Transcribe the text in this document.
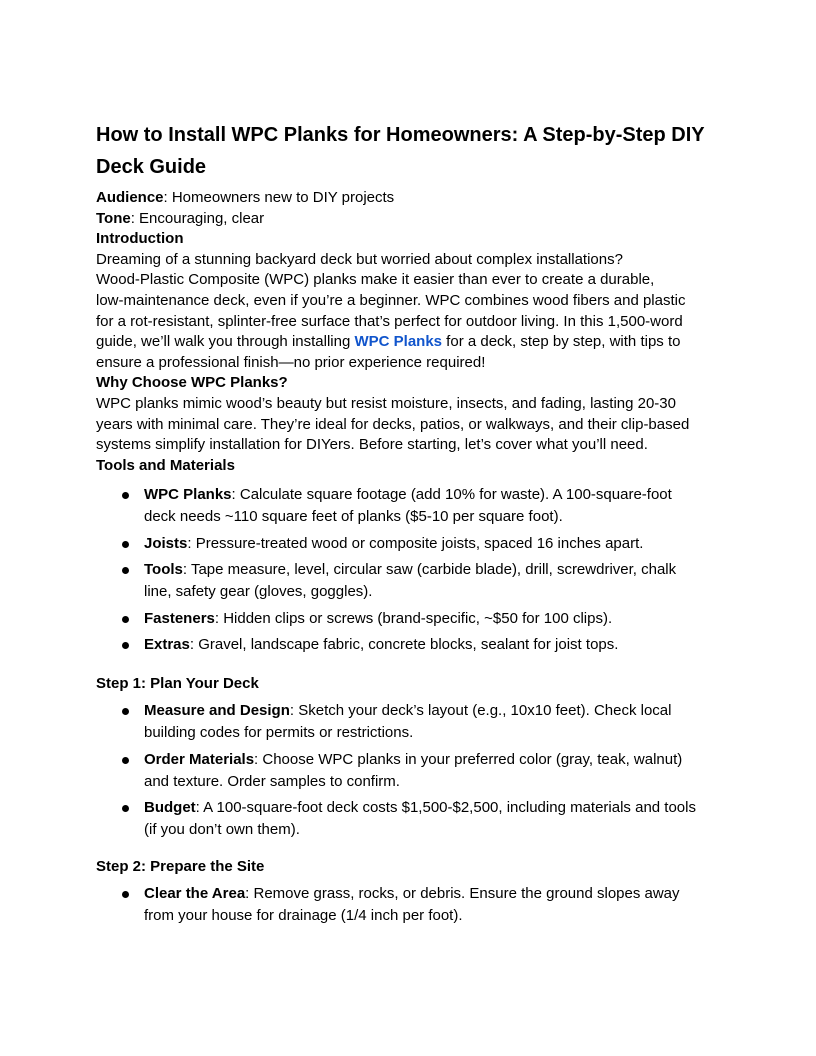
How to Install WPC Planks for Homeowners: A Step-by-Step DIY Deck Guide
Audience: Homeowners new to DIY projects
Tone: Encouraging, clear
Introduction
Dreaming of a stunning backyard deck but worried about complex installations?
Wood-Plastic Composite (WPC) planks make it easier than ever to create a durable,
low-maintenance deck, even if you’re a beginner. WPC combines wood fibers and plastic
for a rot-resistant, splinter-free surface that’s perfect for outdoor living. In this 1,500-word
guide, we’ll walk you through installing WPC Planks for a deck, step by step, with tips to
ensure a professional finish—no prior experience required!
Why Choose WPC Planks?
WPC planks mimic wood’s beauty but resist moisture, insects, and fading, lasting 20-30
years with minimal care. They’re ideal for decks, patios, or walkways, and their clip-based
systems simplify installation for DIYers. Before starting, let’s cover what you’ll need.
Tools and Materials
WPC Planks: Calculate square footage (add 10% for waste). A 100-square-foot
deck needs ~110 square feet of planks ($5-10 per square foot).
Joists: Pressure-treated wood or composite joists, spaced 16 inches apart.
Tools: Tape measure, level, circular saw (carbide blade), drill, screwdriver, chalk
line, safety gear (gloves, goggles).
Fasteners: Hidden clips or screws (brand-specific, ~$50 for 100 clips).
Extras: Gravel, landscape fabric, concrete blocks, sealant for joist tops.
Step 1: Plan Your Deck
Measure and Design: Sketch your deck’s layout (e.g., 10x10 feet). Check local
building codes for permits or restrictions.
Order Materials: Choose WPC planks in your preferred color (gray, teak, walnut)
and texture. Order samples to confirm.
Budget: A 100-square-foot deck costs $1,500-$2,500, including materials and tools
(if you don’t own them).
Step 2: Prepare the Site
Clear the Area: Remove grass, rocks, or debris. Ensure the ground slopes away
from your house for drainage (1/4 inch per foot).
